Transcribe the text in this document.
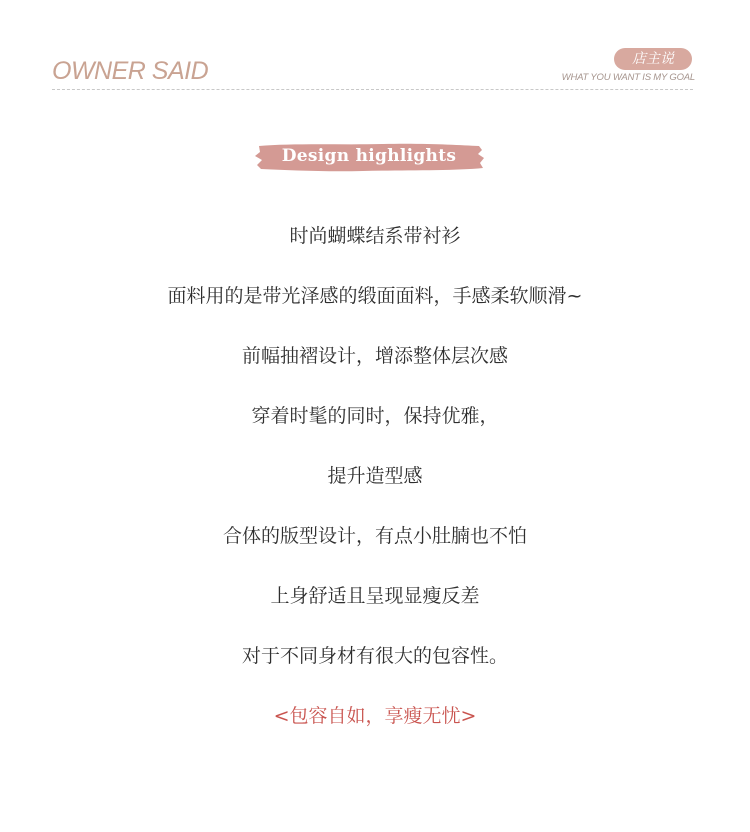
OWNER SAID	店主说
WHAT YOU WANT IS MY GOAL
Design highlights
时尚蝴蝶结系带衬衫
面料用的是带光泽感的缎面面料，手感柔软顺滑~
前幅抽褶设计，增添整体层次感
穿着时髦的同时，保持优雅，
提升造型感
合体的版型设计，有点小肚腩也不怕
上身舒适且呈现显瘦反差
对于不同身材有很大的包容性。
<包容自如，享瘦无忧>
